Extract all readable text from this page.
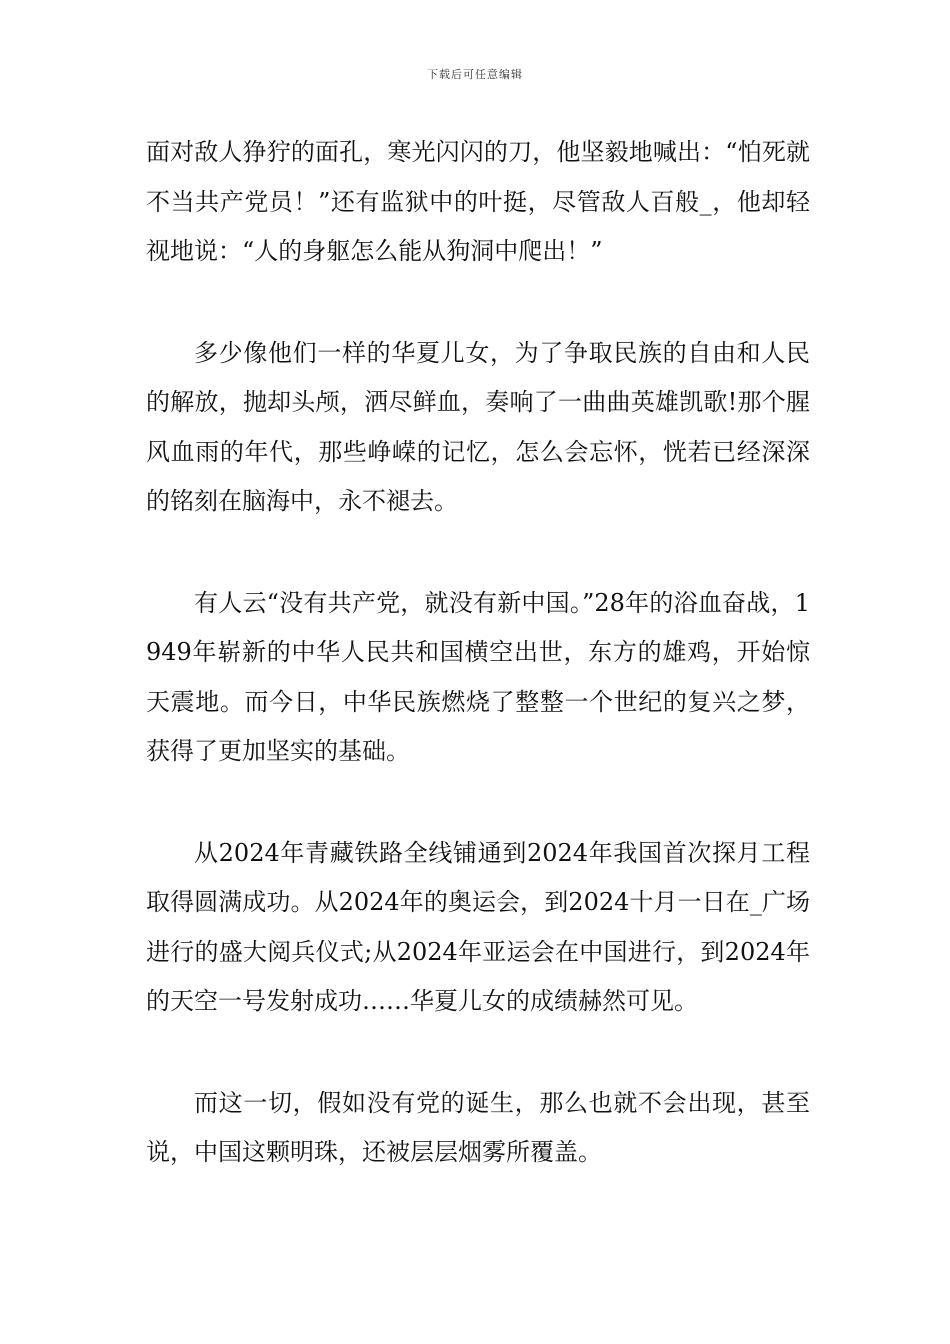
下载后可任意编辑

面对敌人狰狞的面孔，寒光闪闪的刀，他坚毅地喊出：“怕死就不当共产党员！”还有监狱中的叶挺，尽管敌人百般_，他却轻视地说：“人的身躯怎么能从狗洞中爬出！”

多少像他们一样的华夏儿女，为了争取民族的自由和人民的解放，抛却头颅，洒尽鲜血，奏响了一曲曲英雄凯歌!那个腥风血雨的年代，那些峥嵘的记忆，怎么会忘怀，恍若已经深深的铭刻在脑海中，永不褪去。

有人云“没有共产党，就没有新中国。”28年的浴血奋战，1949年崭新的中华人民共和国横空出世，东方的雄鸡，开始惊天震地。而今日，中华民族燃烧了整整一个世纪的复兴之梦，获得了更加坚实的基础。

从2024年青藏铁路全线铺通到2024年我国首次探月工程取得圆满成功。从2024年的奥运会，到2024十月一日在_广场进行的盛大阅兵仪式;从2024年亚运会在中国进行，到2024年的天空一号发射成功……华夏儿女的成绩赫然可见。

而这一切，假如没有党的诞生，那么也就不会出现，甚至说，中国这颗明珠，还被层层烟雾所覆盖。
